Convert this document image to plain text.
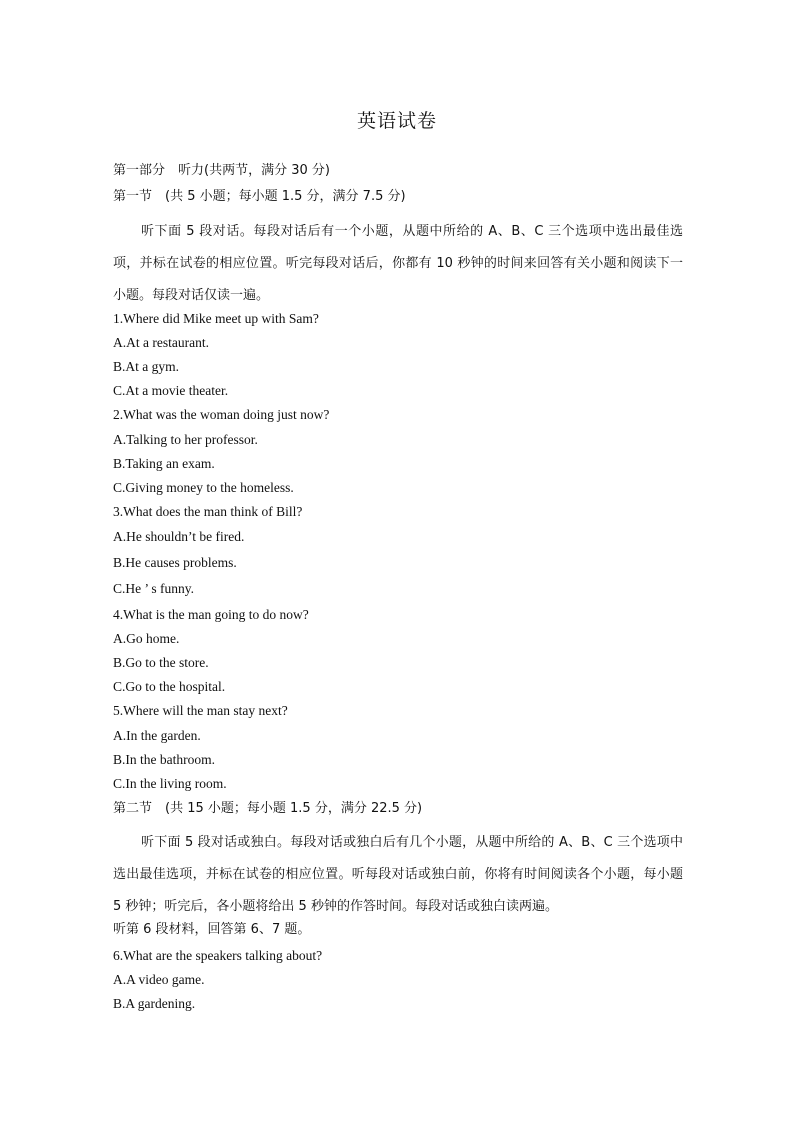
英语试卷
第一部分　听力(共两节，满分 30 分)
第一节　(共 5 小题；每小题 1.5 分，满分 7.5 分)
听下面 5 段对话。每段对话后有一个小题，从题中所给的 A、B、C 三个选项中选出最佳选项，并标在试卷的相应位置。听完每段对话后，你都有 10 秒钟的时间来回答有关小题和阅读下一小题。每段对话仅读一遍。
1.Where did Mike meet up with Sam?
A.At a restaurant.
B.At a gym.
C.At a movie theater.
2.What was the woman doing just now?
A.Talking to her professor.
B.Taking an exam.
C.Giving money to the homeless.
3.What does the man think of Bill?
A.He shouldn’t be fired.
B.He causes problems.
C.He ’ s funny.
4.What is the man going to do now?
A.Go home.
B.Go to the store.
C.Go to the hospital.
5.Where will the man stay next?
A.In the garden.
B.In the bathroom.
C.In the living room.
第二节　(共 15 小题；每小题 1.5 分，满分 22.5 分)
听下面 5 段对话或独白。每段对话或独白后有几个小题，从题中所给的 A、B、C 三个选项中选出最佳选项，并标在试卷的相应位置。听每段对话或独白前，你将有时间阅读各个小题，每小题 5 秒钟；听完后，各小题将给出 5 秒钟的作答时间。每段对话或独白读两遍。
听第 6 段材料，回答第 6、7 题。
6.What are the speakers talking about?
A.A video game.
B.A gardening.
